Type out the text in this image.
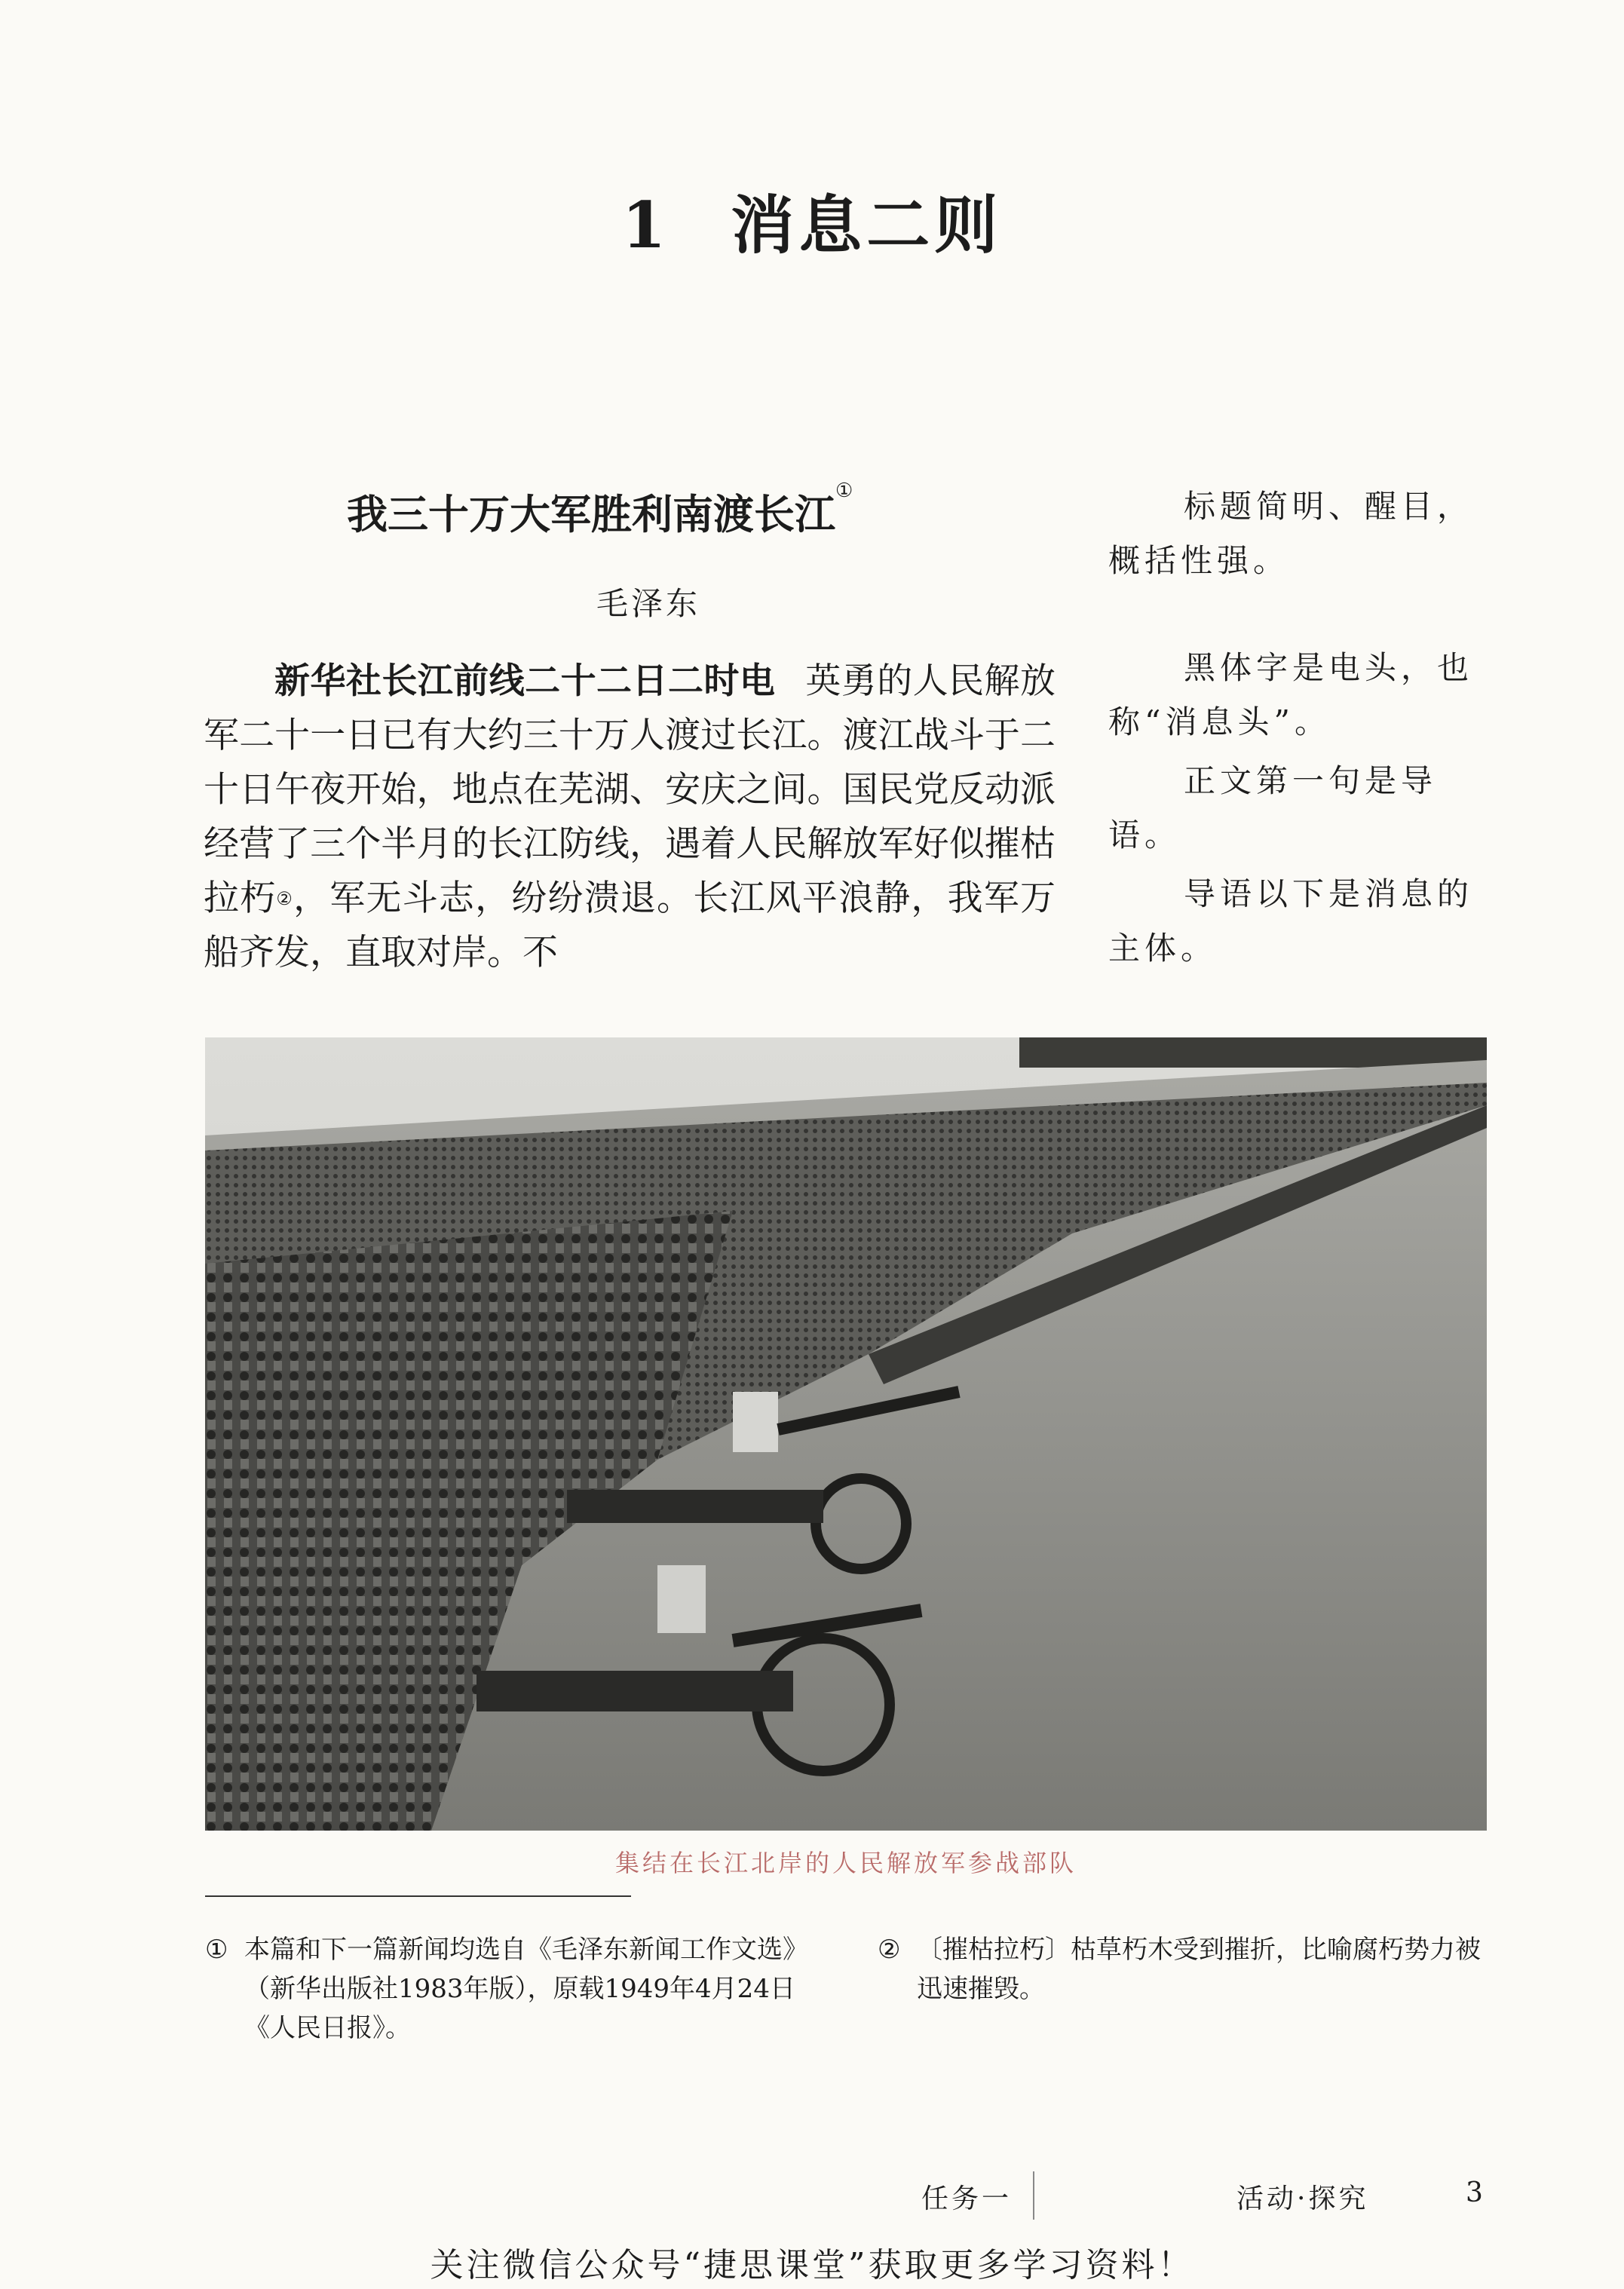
1 消息二则
我三十万大军胜利南渡长江①
毛泽东
新华社长江前线二十二日二时电 英勇的人民解放军二十一日已有大约三十万人渡过长江。渡江战斗于二十日午夜开始，地点在芜湖、安庆之间。国民党反动派经营了三个半月的长江防线，遇着人民解放军好似摧枯拉朽②，军无斗志，纷纷溃退。长江风平浪静，我军万船齐发，直取对岸。不
标题简明、醒目，概括性强。
黑体字是电头，也称“消息头”。
正文第一句是导语。
导语以下是消息的主体。
集结在长江北岸的人民解放军参战部队
① 本篇和下一篇新闻均选自《毛泽东新闻工作文选》（新华出版社1983年版），原载1949年4月24日《人民日报》。
② 〔摧枯拉朽〕枯草朽木受到摧折，比喻腐朽势力被迅速摧毁。
任务一	活动·探究	3
关注微信公众号“捷思课堂”获取更多学习资料！
